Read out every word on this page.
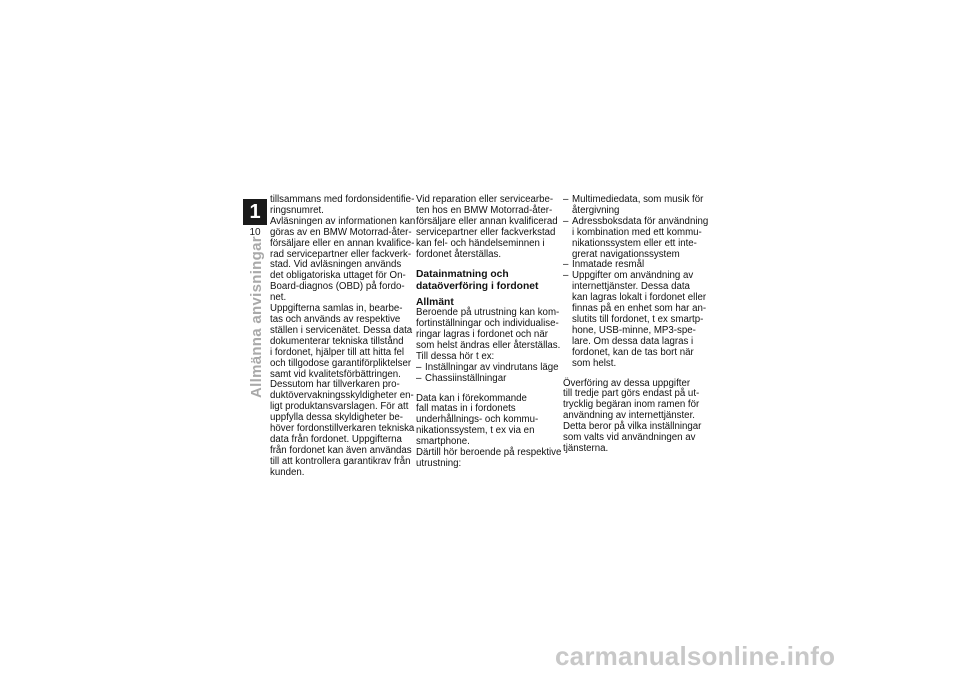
1
10
Allmänna anvisningar
tillsammans med fordonsidentifie-
ringsnumret.
Avläsningen av informationen kan
göras av en BMW Motorrad-åter-
försäljare eller en annan kvalifice-
rad servicepartner eller fackverk-
stad. Vid avläsningen används
det obligatoriska uttaget för On-
Board-diagnos (OBD) på fordo-
net.
Uppgifterna samlas in, bearbe-
tas och används av respektive
ställen i servicenätet. Dessa data
dokumenterar tekniska tillstånd
i fordonet, hjälper till att hitta fel
och tillgodose garantiförpliktelser
samt vid kvalitetsförbättringen.
Dessutom har tillverkaren pro-
duktövervakningsskyldigheter en-
ligt produktansvarslagen. För att
uppfylla dessa skyldigheter be-
höver fordonstillverkaren tekniska
data från fordonet. Uppgifterna
från fordonet kan även användas
till att kontrollera garantikrav från
kunden.
Vid reparation eller servicearbe-
ten hos en BMW Motorrad-åter-
försäljare eller annan kvalificerad
servicepartner eller fackverkstad
kan fel- och händelseminnen i
fordonet återställas.
Datainmatning och
dataöverföring i fordonet
Allmänt
Beroende på utrustning kan kom-
fortinställningar och individualise-
ringar lagras i fordonet och när
som helst ändras eller återställas.
Till dessa hör t ex:
– Inställningar av vindrutans läge
– Chassiinställningar
Data kan i förekommande
fall matas in i fordonets
underhållnings- och kommu-
nikationssystem, t ex via en
smartphone.
Därtill hör beroende på respektive
utrustning:
– Multimediedata, som musik för
återgivning
– Adressboksdata för användning
i kombination med ett kommu-
nikationssystem eller ett inte-
grerat navigationssystem
– Inmatade resmål
– Uppgifter om användning av
internettjänster. Dessa data
kan lagras lokalt i fordonet eller
finnas på en enhet som har an-
slutits till fordonet, t ex smartp-
hone, USB-minne, MP3-spe-
lare. Om dessa data lagras i
fordonet, kan de tas bort när
som helst.
Överföring av dessa uppgifter
till tredje part görs endast på ut-
trycklig begäran inom ramen för
användning av internettjänster.
Detta beror på vilka inställningar
som valts vid användningen av
tjänsterna.
carmanualsonline.info
